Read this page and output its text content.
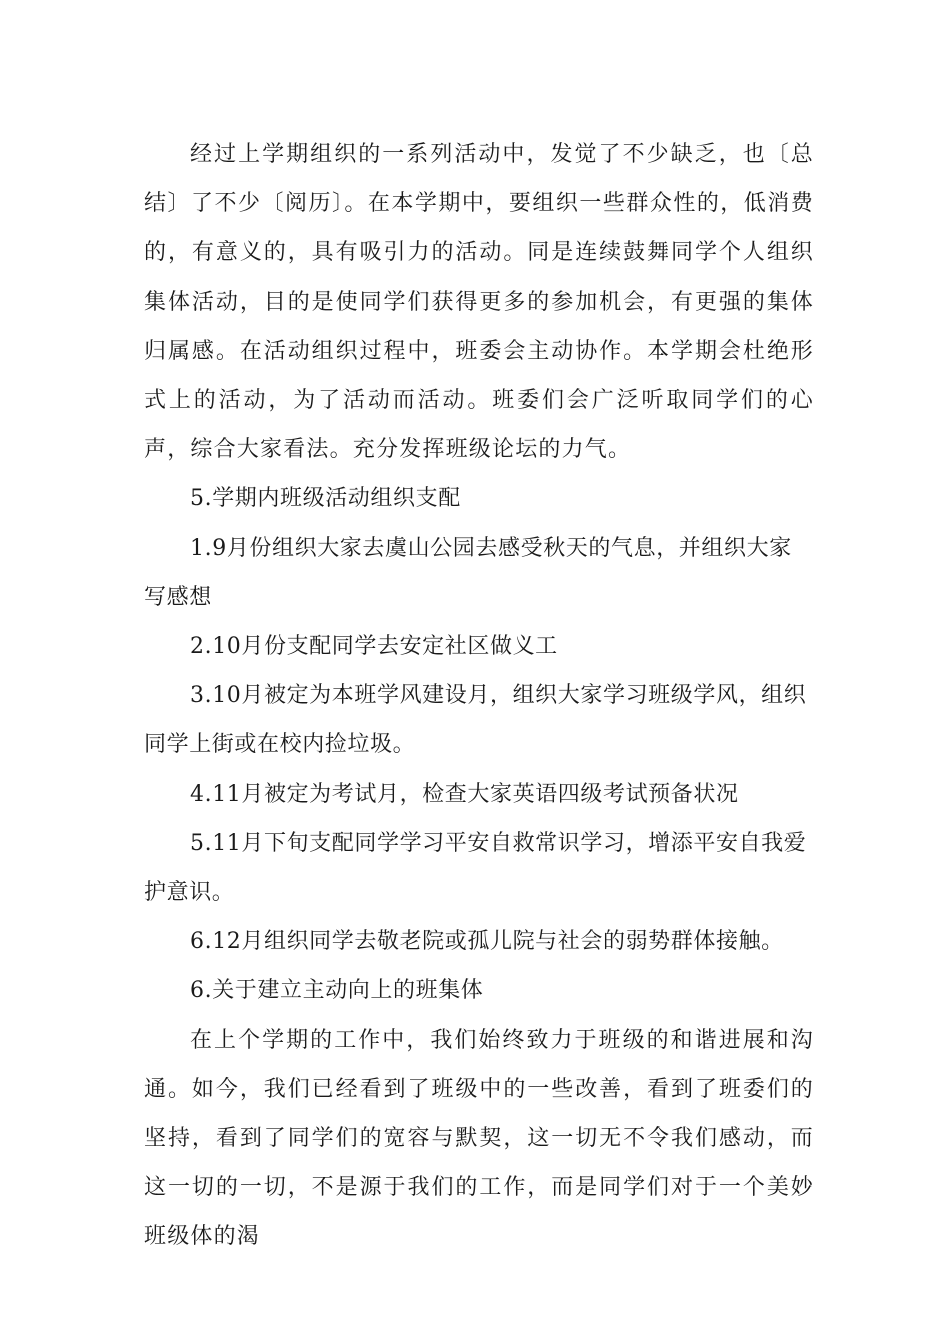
经过上学期组织的一系列活动中，发觉了不少缺乏，也〔总结〕了不少〔阅历〕。在本学期中，要组织一些群众性的，低消费的，有意义的，具有吸引力的活动。同是连续鼓舞同学个人组织集体活动，目的是使同学们获得更多的参加机会，有更强的集体归属感。在活动组织过程中，班委会主动协作。本学期会杜绝形式上的活动，为了活动而活动。班委们会广泛听取同学们的心声，综合大家看法。充分发挥班级论坛的力气。

5.学期内班级活动组织支配

1.9月份组织大家去虞山公园去感受秋天的气息，并组织大家写感想

2.10月份支配同学去安定社区做义工

3.10月被定为本班学风建设月，组织大家学习班级学风，组织同学上街或在校内捡垃圾。

4.11月被定为考试月，检查大家英语四级考试预备状况

5.11月下旬支配同学学习平安自救常识学习，增添平安自我爱护意识。

6.12月组织同学去敬老院或孤儿院与社会的弱势群体接触。

6.关于建立主动向上的班集体

在上个学期的工作中，我们始终致力于班级的和谐进展和沟通。如今，我们已经看到了班级中的一些改善，看到了班委们的坚持，看到了同学们的宽容与默契，这一切无不令我们感动，而这一切的一切，不是源于我们的工作，而是同学们对于一个美妙班级体的渴
